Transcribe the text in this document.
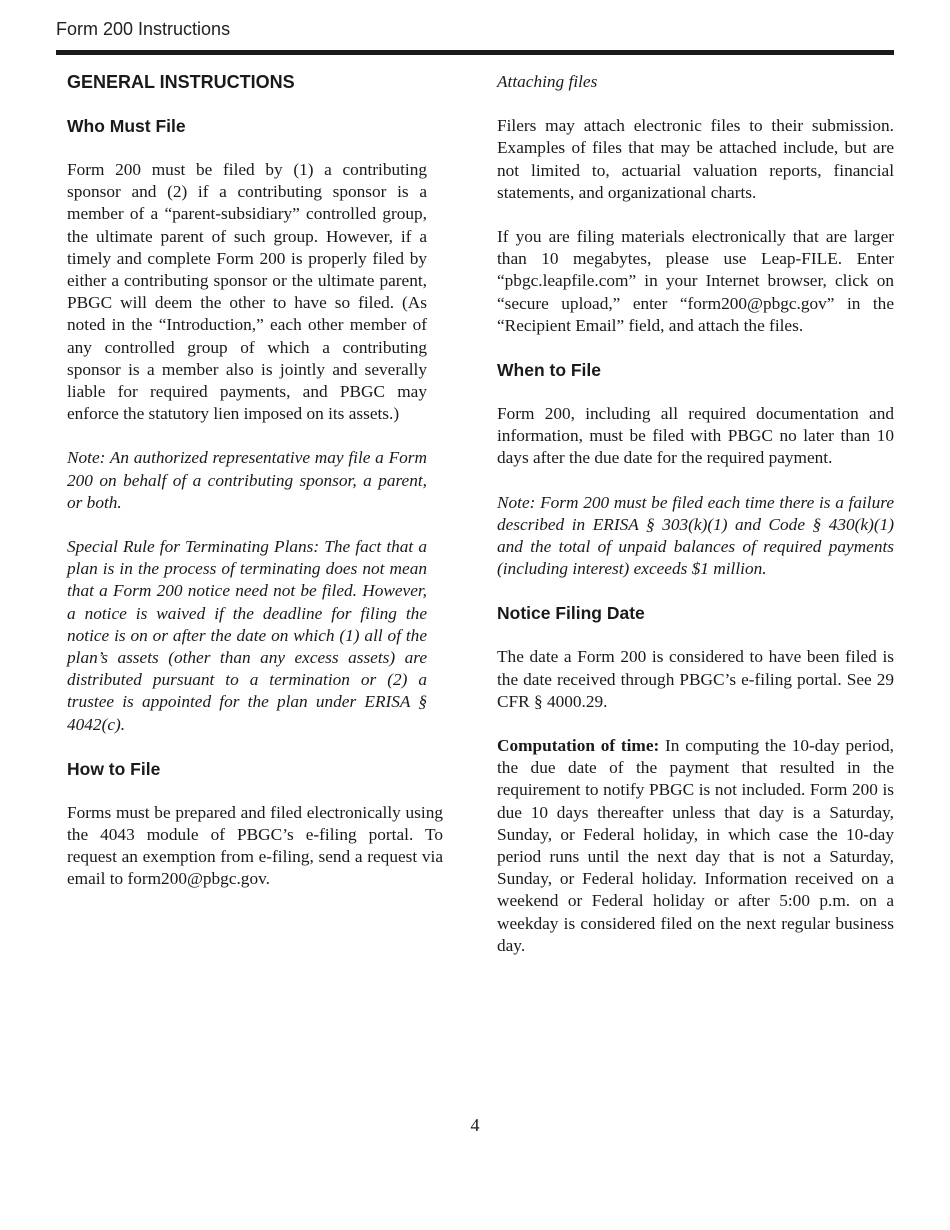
Form 200 Instructions
GENERAL INSTRUCTIONS
Who Must File

Form 200 must be filed by (1) a contributing sponsor and (2) if a contributing sponsor is a member of a “parent-subsidiary” controlled group, the ultimate parent of such group. However, if a timely and complete Form 200 is properly filed by either a contributing sponsor or the ultimate parent, PBGC will deem the other to have so filed. (As noted in the “Introduction,” each other member of any controlled group of which a contributing sponsor is a member also is jointly and severally liable for required payments, and PBGC may enforce the statutory lien imposed on its assets.)

Note: An authorized representative may file a Form 200 on behalf of a contributing sponsor, a parent, or both.

Special Rule for Terminating Plans: The fact that a plan is in the process of terminating does not mean that a Form 200 notice need not be filed. However, a notice is waived if the deadline for filing the notice is on or after the date on which (1) all of the plan’s assets (other than any excess assets) are distributed pursuant to a termination or (2) a trustee is appointed for the plan under ERISA § 4042(c).

How to File

Forms must be prepared and filed electronically using the 4043 module of PBGC’s e-filing portal. To request an exemption from e-filing, send a request via email to form200@pbgc.gov.

Attaching files

Filers may attach electronic files to their submission. Examples of files that may be attached include, but are not limited to, actuarial valuation reports, financial statements, and organizational charts.

If you are filing materials electronically that are larger than 10 megabytes, please use Leap-FILE. Enter “pbgc.leapfile.com” in your Internet browser, click on “secure upload,” enter “form200@pbgc.gov” in the “Recipient Email” field, and attach the files.

When to File

Form 200, including all required documentation and information, must be filed with PBGC no later than 10 days after the due date for the required payment.

Note: Form 200 must be filed each time there is a failure described in ERISA § 303(k)(1) and Code § 430(k)(1) and the total of unpaid balances of required payments (including interest) exceeds $1 million.

Notice Filing Date

The date a Form 200 is considered to have been filed is the date received through PBGC’s e-filing portal. See 29 CFR § 4000.29.

Computation of time: In computing the 10-day period, the due date of the payment that resulted in the requirement to notify PBGC is not included. Form 200 is due 10 days thereafter unless that day is a Saturday, Sunday, or Federal holiday, in which case the 10-day period runs until the next day that is not a Saturday, Sunday, or Federal holiday. Information received on a weekend or Federal holiday or after 5:00 p.m. on a weekday is considered filed on the next regular business day.

4
